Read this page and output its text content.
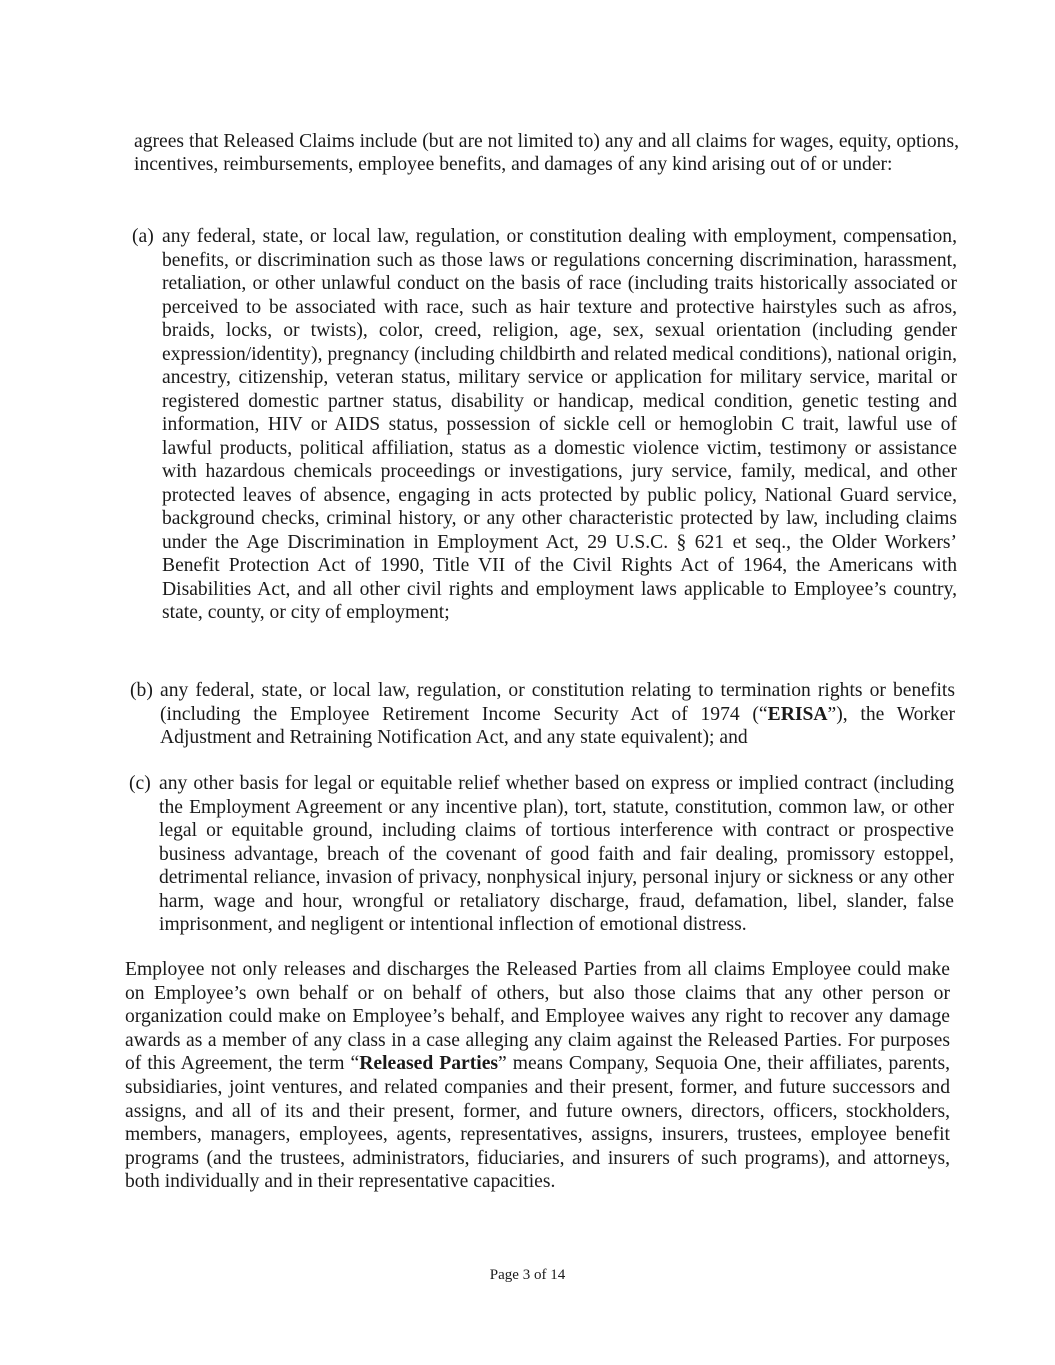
agrees that Released Claims include (but are not limited to) any and all claims for wages, equity, options, incentives, reimbursements, employee benefits, and damages of any kind arising out of or under:

(a) any federal, state, or local law, regulation, or constitution dealing with employment, compensation, benefits, or discrimination such as those laws or regulations concerning discrimination, harassment, retaliation, or other unlawful conduct on the basis of race (including traits historically associated or perceived to be associated with race, such as hair texture and protective hairstyles such as afros, braids, locks, or twists), color, creed, religion, age, sex, sexual orientation (including gender expression/identity), pregnancy (including childbirth and related medical conditions), national origin, ancestry, citizenship, veteran status, military service or application for military service, marital or registered domestic partner status, disability or handicap, medical condition, genetic testing and information, HIV or AIDS status, possession of sickle cell or hemoglobin C trait, lawful use of lawful products, political affiliation, status as a domestic violence victim, testimony or assistance with hazardous chemicals proceedings or investigations, jury service, family, medical, and other protected leaves of absence, engaging in acts protected by public policy, National Guard service, background checks, criminal history, or any other characteristic protected by law, including claims under the Age Discrimination in Employment Act, 29 U.S.C. § 621 et seq., the Older Workers’ Benefit Protection Act of 1990, Title VII of the Civil Rights Act of 1964, the Americans with Disabilities Act, and all other civil rights and employment laws applicable to Employee’s country, state, county, or city of employment;
(b) any federal, state, or local law, regulation, or constitution relating to termination rights or benefits (including the Employee Retirement Income Security Act of 1974 (“ERISA”), the Worker Adjustment and Retraining Notification Act, and any state equivalent); and
(c) any other basis for legal or equitable relief whether based on express or implied contract (including the Employment Agreement or any incentive plan), tort, statute, constitution, common law, or other legal or equitable ground, including claims of tortious interference with contract or prospective business advantage, breach of the covenant of good faith and fair dealing, promissory estoppel, detrimental reliance, invasion of privacy, nonphysical injury, personal injury or sickness or any other harm, wage and hour, wrongful or retaliatory discharge, fraud, defamation, libel, slander, false imprisonment, and negligent or intentional inflection of emotional distress.

Employee not only releases and discharges the Released Parties from all claims Employee could make on Employee’s own behalf or on behalf of others, but also those claims that any other person or organization could make on Employee’s behalf, and Employee waives any right to recover any damage awards as a member of any class in a case alleging any claim against the Released Parties. For purposes of this Agreement, the term “Released Parties” means Company, Sequoia One, their affiliates, parents, subsidiaries, joint ventures, and related companies and their present, former, and future successors and assigns, and all of its and their present, former, and future owners, directors, officers, stockholders, members, managers, employees, agents, representatives, assigns, insurers, trustees, employee benefit programs (and the trustees, administrators, fiduciaries, and insurers of such programs), and attorneys, both individually and in their representative capacities.

Page 3 of 14
